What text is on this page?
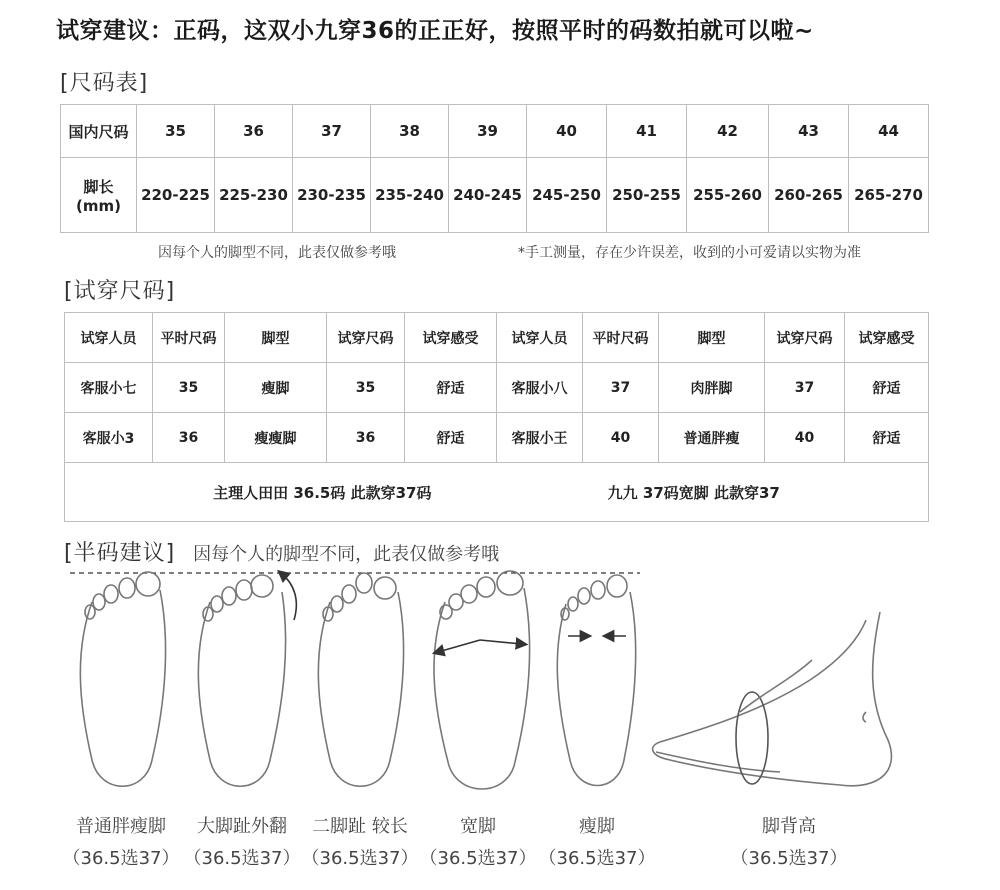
试穿建议：正码，这双小九穿36的正正好，按照平时的码数拍就可以啦~
[尺码表]
国内尺码	35	36	37	38	39	40	41	42	43	44

脚长
(mm)	220-225	225-230	230-235	235-240	240-245	245-250	250-255	255-260	260-265	265-270
因每个人的脚型不同，此表仅做参考哦	*手工测量，存在少许误差，收到的小可爱请以实物为准
[试穿尺码]
试穿人员	平时尺码	脚型	试穿尺码	试穿感受	试穿人员	平时尺码	脚型	试穿尺码	试穿感受
客服小七	35	瘦脚	35	舒适	客服小八	37	肉胖脚	37	舒适
客服小3	36	瘦瘦脚	36	舒适	客服小王	40	普通胖瘦	40	舒适

主理人田田 36.5码 此款穿37码 九九 37码宽脚 此款穿37									
[半码建议] 因每个人的脚型不同，此表仅做参考哦
普通胖瘦脚
（36.5选37）
大脚趾外翻
（36.5选37）
二脚趾 较长
（36.5选37）
宽脚
（36.5选37）
瘦脚
（36.5选37）
脚背高
（36.5选37）
